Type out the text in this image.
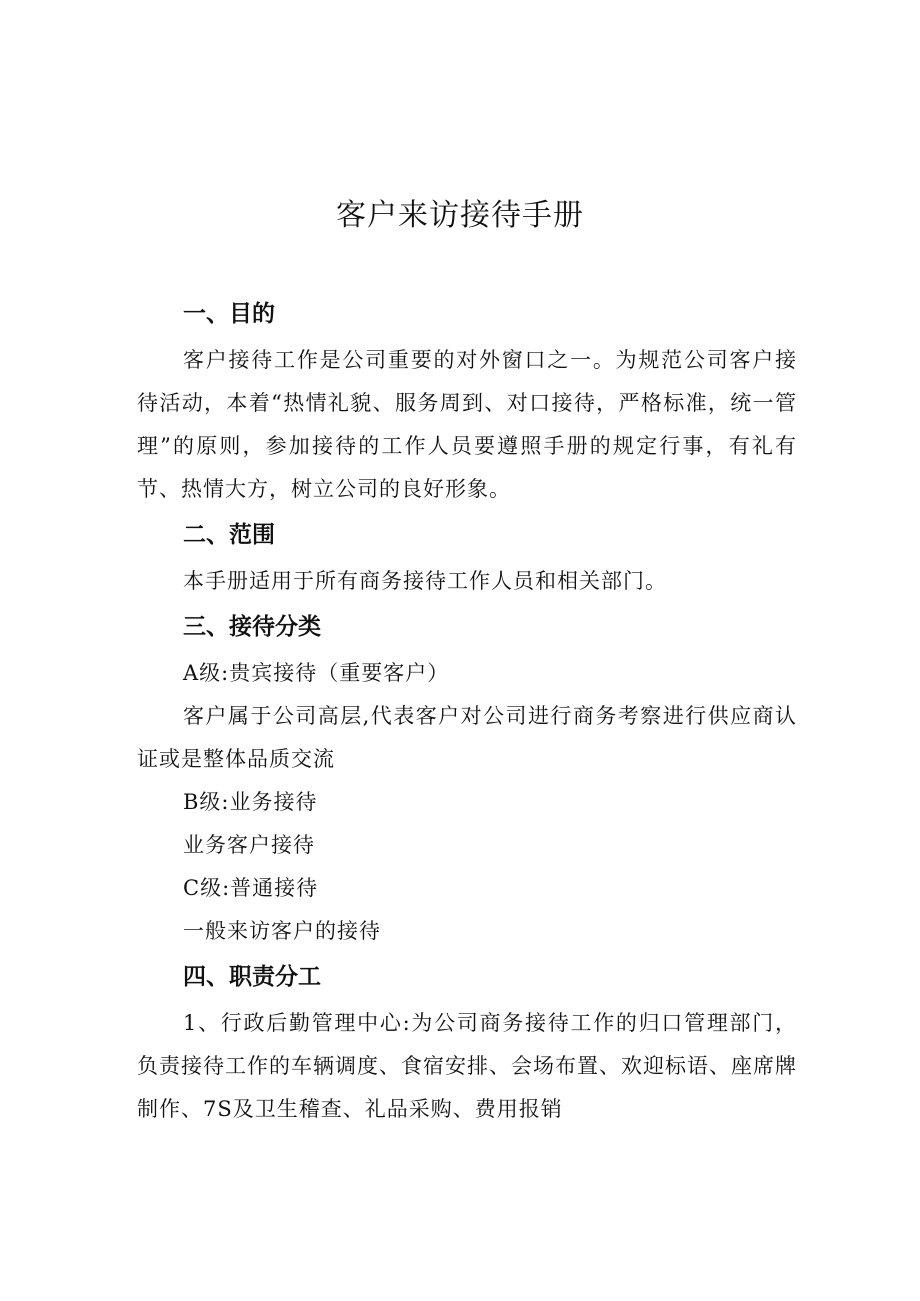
客户来访接待手册
一、目的

客户接待工作是公司重要的对外窗口之一。为规范公司客户接待活动，本着“热情礼貌、服务周到、对口接待，严格标准，统一管理”的原则，参加接待的工作人员要遵照手册的规定行事，有礼有节、热情大方，树立公司的良好形象。

二、范围

本手册适用于所有商务接待工作人员和相关部门。

三、接待分类

A级:贵宾接待（重要客户）

客户属于公司高层,代表客户对公司进行商务考察进行供应商认证或是整体品质交流

B级:业务接待

业务客户接待

C级:普通接待

一般来访客户的接待

四、职责分工

1、行政后勤管理中心:为公司商务接待工作的归口管理部门，负责接待工作的车辆调度、食宿安排、会场布置、欢迎标语、座席牌制作、7S及卫生稽查、礼品采购、费用报销
